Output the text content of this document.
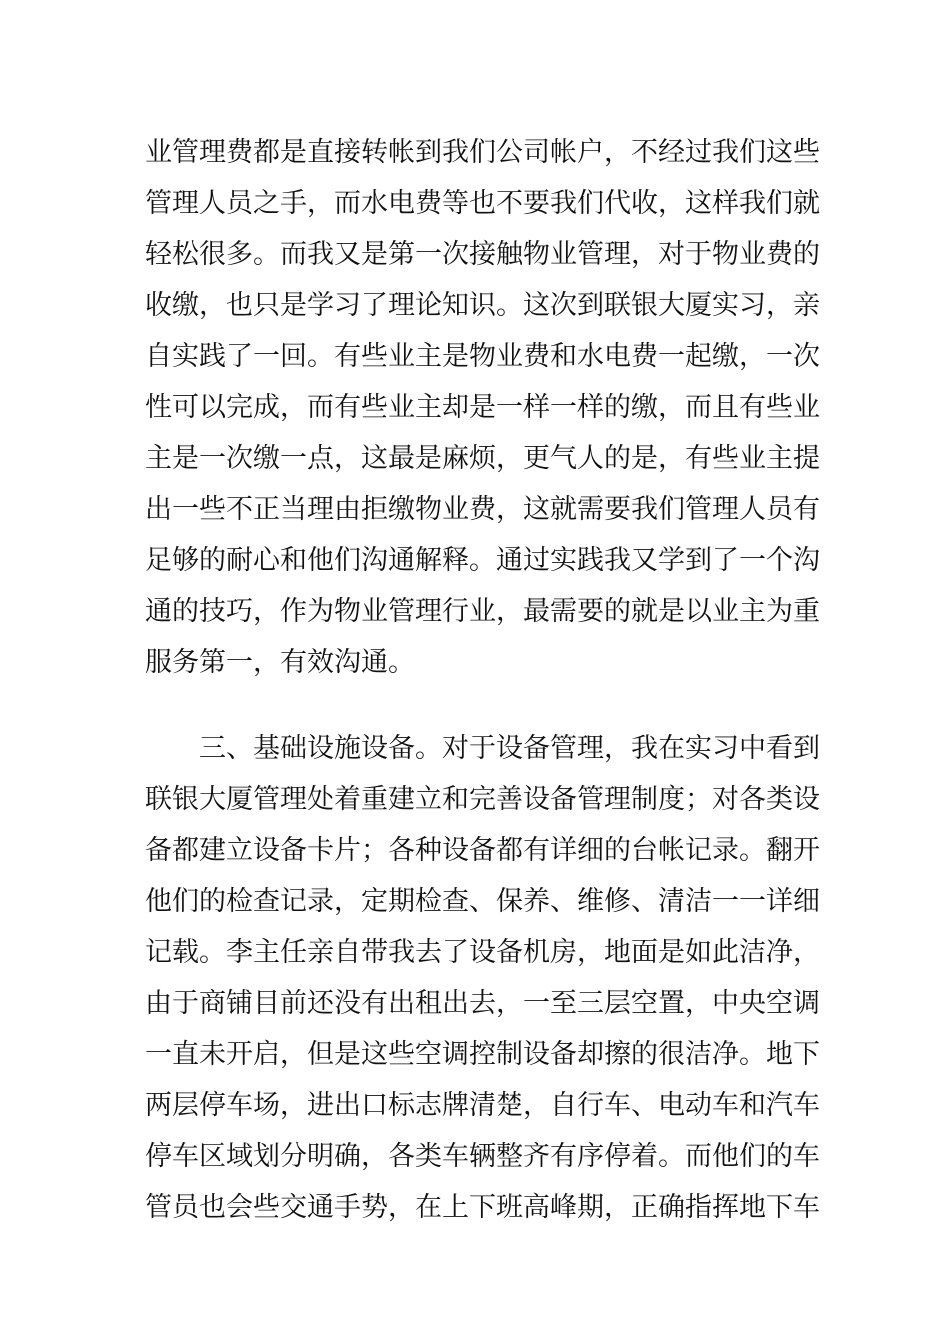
业管理费都是直接转帐到我们公司帐户，不经过我们这些
管理人员之手，而水电费等也不要我们代收，这样我们就
轻松很多。而我又是第一次接触物业管理，对于物业费的
收缴，也只是学习了理论知识。这次到联银大厦实习，亲
自实践了一回。有些业主是物业费和水电费一起缴，一次
性可以完成，而有些业主却是一样一样的缴，而且有些业
主是一次缴一点，这最是麻烦，更气人的是，有些业主提
出一些不正当理由拒缴物业费，这就需要我们管理人员有
足够的耐心和他们沟通解释。通过实践我又学到了一个沟
通的技巧，作为物业管理行业，最需要的就是以业主为重
服务第一，有效沟通。
三、基础设施设备。对于设备管理，我在实习中看到
联银大厦管理处着重建立和完善设备管理制度；对各类设
备都建立设备卡片；各种设备都有详细的台帐记录。翻开
他们的检查记录，定期检查、保养、维修、清洁一一详细
记载。李主任亲自带我去了设备机房，地面是如此洁净，
由于商铺目前还没有出租出去，一至三层空置，中央空调
一直未开启，但是这些空调控制设备却擦的很洁净。地下
两层停车场，进出口标志牌清楚，自行车、电动车和汽车
停车区域划分明确，各类车辆整齐有序停着。而他们的车
管员也会些交通手势，在上下班高峰期，正确指挥地下车
